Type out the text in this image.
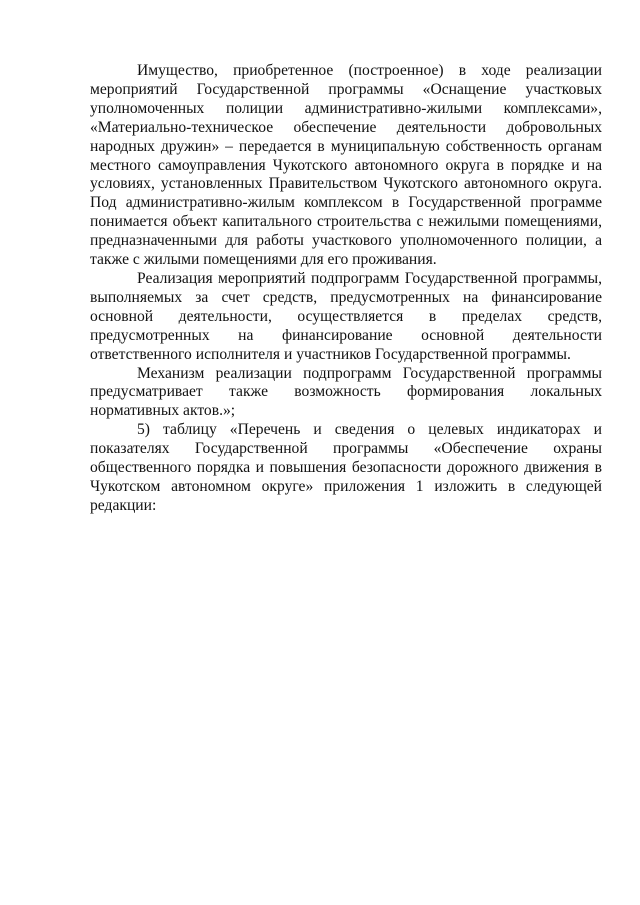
Имущество, приобретенное (построенное) в ходе реализации мероприятий Государственной программы «Оснащение участковых уполномоченных полиции административно-жилыми комплексами», «Материально-техническое обеспечение деятельности добровольных народных дружин» – передается в муниципальную собственность органам местного самоуправления Чукотского автономного округа в порядке и на условиях, установленных Правительством Чукотского автономного округа. Под административно-жилым комплексом в Государственной программе понимается объект капитального строительства с нежилыми помещениями, предназначенными для работы участкового уполномоченного полиции, а также с жилыми помещениями для его проживания.

Реализация мероприятий подпрограмм Государственной программы, выполняемых за счет средств, предусмотренных на финансирование основной деятельности, осуществляется в пределах средств, предусмотренных на финансирование основной деятельности ответственного исполнителя и участников Государственной программы.

Механизм реализации подпрограмм Государственной программы предусматривает также возможность формирования локальных нормативных актов.»;

5) таблицу «Перечень и сведения о целевых индикаторах и показателях Государственной программы «Обеспечение охраны общественного порядка и повышения безопасности дорожного движения в Чукотском автономном округе» приложения 1 изложить в следующей редакции:
